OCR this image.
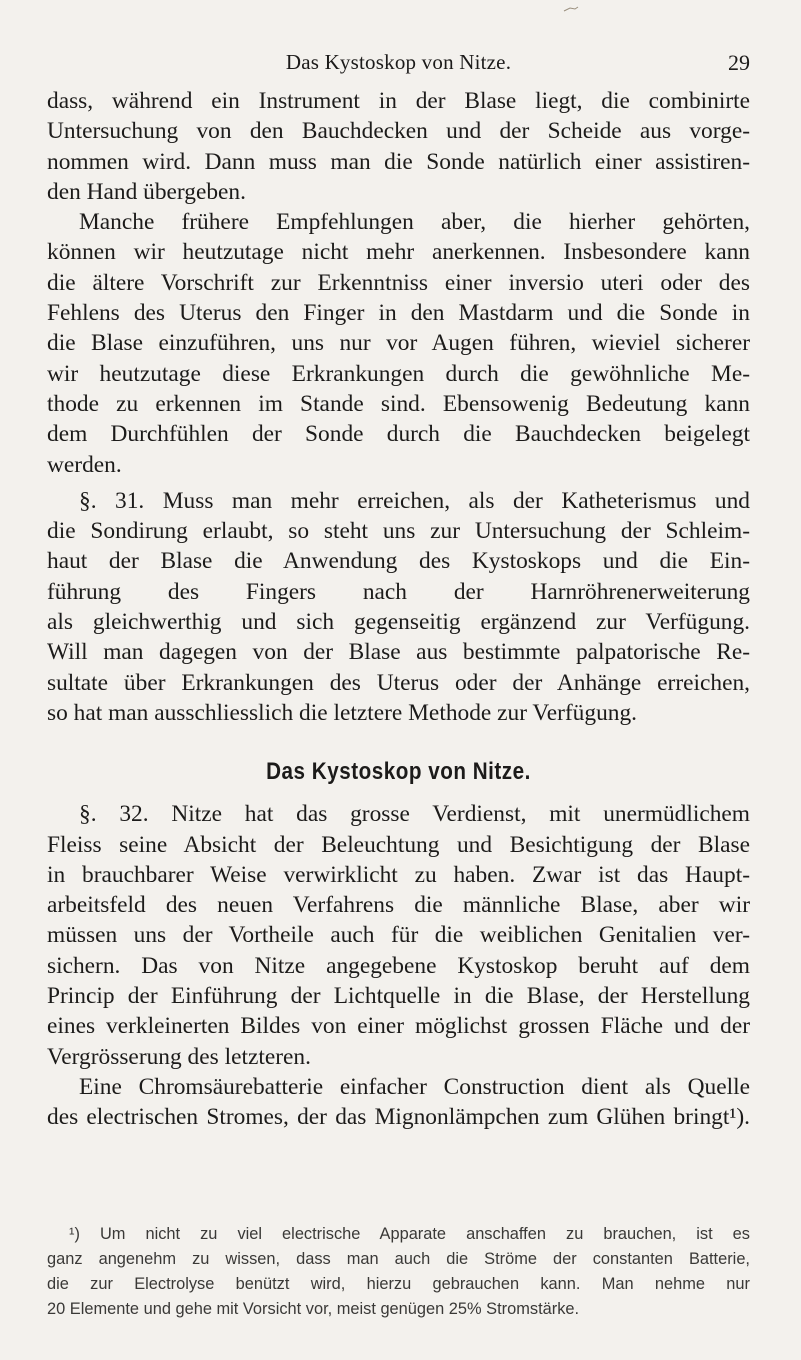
Das Kystoskop von Nitze.	29
dass, während ein Instrument in der Blase liegt, die combinirte
Untersuchung von den Bauchdecken und der Scheide aus vorge-
nommen wird. Dann muss man die Sonde natürlich einer assistiren-
den Hand übergeben.
Manche frühere Empfehlungen aber, die hierher gehörten,
können wir heutzutage nicht mehr anerkennen. Insbesondere kann
die ältere Vorschrift zur Erkenntniss einer inversio uteri oder des
Fehlens des Uterus den Finger in den Mastdarm und die Sonde in
die Blase einzuführen, uns nur vor Augen führen, wieviel sicherer
wir heutzutage diese Erkrankungen durch die gewöhnliche Me-
thode zu erkennen im Stande sind. Ebensowenig Bedeutung kann
dem Durchfühlen der Sonde durch die Bauchdecken beigelegt
werden.
§. 31. Muss man mehr erreichen, als der Katheterismus und
die Sondirung erlaubt, so steht uns zur Untersuchung der Schleim-
haut der Blase die Anwendung des Kystoskops und die Ein-
führung des Fingers nach der Harnröhrenerweiterung
als gleichwerthig und sich gegenseitig ergänzend zur Verfügung.
Will man dagegen von der Blase aus bestimmte palpatorische Re-
sultate über Erkrankungen des Uterus oder der Anhänge erreichen,
so hat man ausschliesslich die letztere Methode zur Verfügung.
Das Kystoskop von Nitze.
§. 32. Nitze hat das grosse Verdienst, mit unermüdlichem
Fleiss seine Absicht der Beleuchtung und Besichtigung der Blase
in brauchbarer Weise verwirklicht zu haben. Zwar ist das Haupt-
arbeitsfeld des neuen Verfahrens die männliche Blase, aber wir
müssen uns der Vortheile auch für die weiblichen Genitalien ver-
sichern. Das von Nitze angegebene Kystoskop beruht auf dem
Princip der Einführung der Lichtquelle in die Blase, der Herstellung
eines verkleinerten Bildes von einer möglichst grossen Fläche und der
Vergrösserung des letzteren.
Eine Chromsäurebatterie einfacher Construction dient als Quelle
des electrischen Stromes, der das Mignonlämpchen zum Glühen bringt¹).
¹) Um nicht zu viel electrische Apparate anschaffen zu brauchen, ist es
ganz angenehm zu wissen, dass man auch die Ströme der constanten Batterie,
die zur Electrolyse benützt wird, hierzu gebrauchen kann. Man nehme nur
20 Elemente und gehe mit Vorsicht vor, meist genügen 25% Stromstärke.
